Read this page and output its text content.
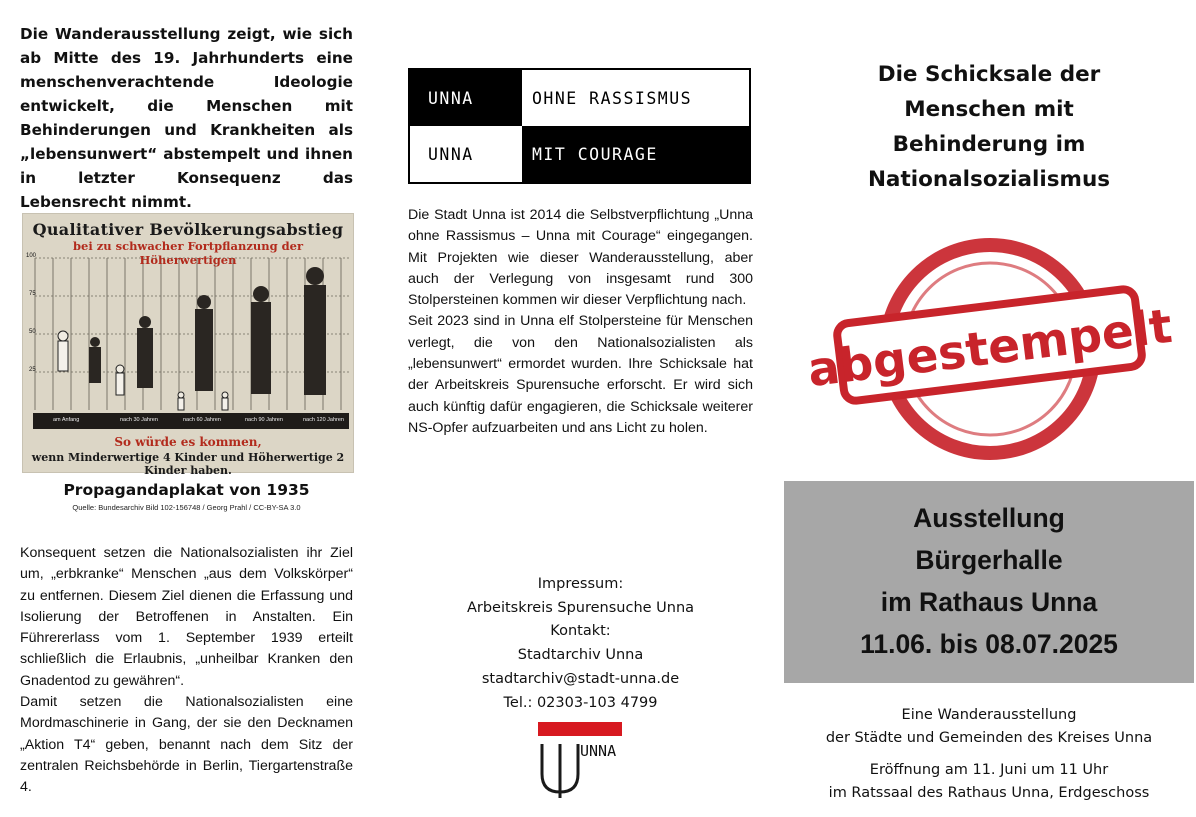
Die Wanderausstellung zeigt, wie sich ab Mitte des 19. Jahrhunderts eine menschenverachtende Ideologie entwickelt, die Menschen mit Behinderungen und Krankheiten als „lebensunwert“ abstempelt und ihnen in letzter Konsequenz das Lebensrecht nimmt.
Qualitativer Bevölkerungsabstieg
bei zu schwacher Fortpflanzung der Höherwertigen
100
75
50
25
am Anfang	nach 30 Jahren	nach 60 Jahren	nach 90 Jahren	nach 120 Jahren
So würde es kommen,
wenn Minderwertige 4 Kinder und Höherwertige 2 Kinder haben.
Propagandaplakat von 1935
Quelle: Bundesarchiv Bild 102-156748 / Georg Prahl / CC-BY-SA 3.0

Konsequent setzen die Nationalsozialisten ihr Ziel um, „erbkranke“ Menschen „aus dem Volkskörper“ zu entfernen. Diesem Ziel dienen die Erfassung und Isolierung der Betroffenen in Anstalten. Ein Führererlass vom 1. September 1939 erteilt schließlich die Erlaubnis, „unheilbar Kranken den Gnadentod zu gewähren“.

Damit setzen die Nationalsozialisten eine Mordmaschinerie in Gang, der sie den Decknamen „Aktion T4“ geben, benannt nach dem Sitz der zentralen Reichsbehörde in Berlin, Tiergartenstraße 4.

UNNA	OHNE RASSISMUS
UNNA	MIT COURAGE

Die Stadt Unna ist 2014 die Selbstverpflichtung „Unna ohne Rassismus – Unna mit Courage“ eingegangen. Mit Projekten wie dieser Wanderausstellung, aber auch der Verlegung von insgesamt rund 300 Stolpersteinen kommen wir dieser Verpflichtung nach.

Seit 2023 sind in Unna elf Stolpersteine für Menschen verlegt, die von den Nationalsozialisten als „lebensunwert“ ermordet wurden. Ihre Schicksale hat der Arbeitskreis Spurensuche erforscht. Er wird sich auch künftig dafür engagieren, die Schicksale weiterer NS-Opfer aufzuarbeiten und ans Licht zu holen.

Impressum:
Arbeitskreis Spurensuche Unna
Kontakt:
Stadtarchiv Unna
stadtarchiv@stadt-unna.de
Tel.: 02303-103 4799
UNNA
Die Schicksale der
Menschen mit
Behinderung im
Nationalsozialismus
abgestempelt
Ausstellung
Bürgerhalle
im Rathaus Unna
11.06. bis 08.07.2025
Eine Wanderausstellung
der Städte und Gemeinden des Kreises Unna
Eröffnung am 11. Juni um 11 Uhr
im Ratssaal des Rathaus Unna, Erdgeschoss
